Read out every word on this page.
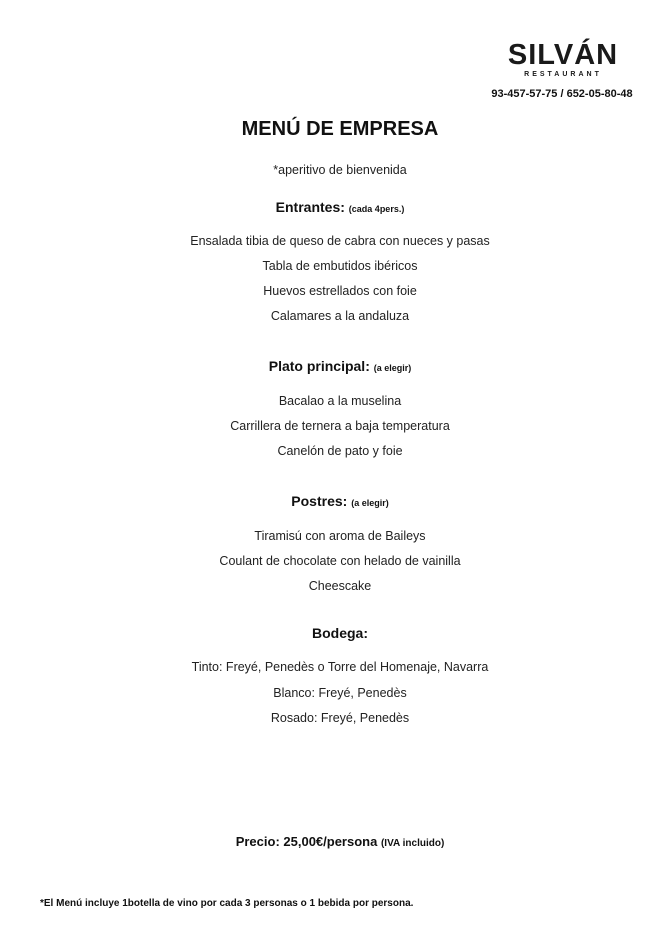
SILVÁN
RESTAURANT
93-457-57-75 / 652-05-80-48
MENÚ DE EMPRESA
*aperitivo de bienvenida
Entrantes: (cada 4pers.)
Ensalada tibia de queso de cabra con nueces y pasas
Tabla de embutidos ibéricos
Huevos estrellados con foie
Calamares a la andaluza
Plato principal: (a elegir)
Bacalao a la muselina
Carrillera de ternera a baja temperatura
Canelón de pato y foie
Postres: (a elegir)
Tiramisú con aroma de Baileys
Coulant de chocolate con helado de vainilla
Cheescake
Bodega:
Tinto: Freyé, Penedès o Torre del Homenaje, Navarra
Blanco: Freyé, Penedès
Rosado: Freyé, Penedès
Precio: 25,00€/persona (IVA incluido)
*El Menú incluye 1botella de vino por cada 3 personas o 1 bebida por persona.
